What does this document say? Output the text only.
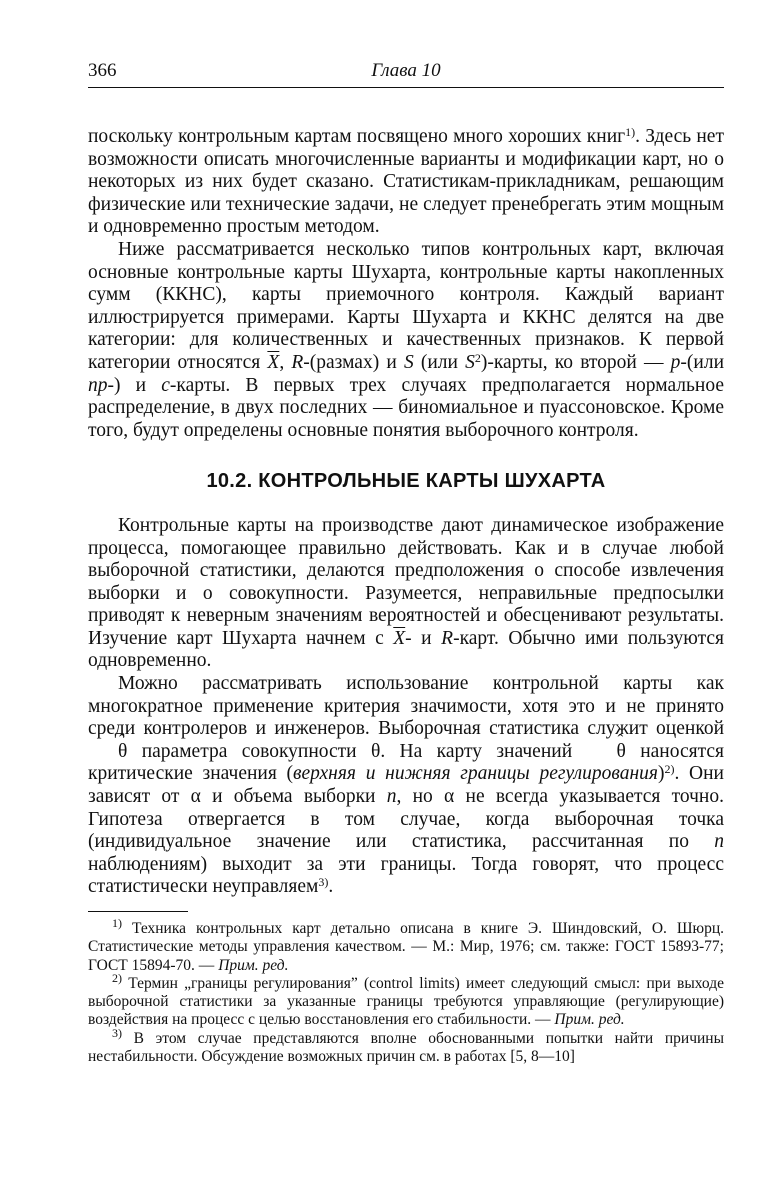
366	Глава 10

поскольку контрольным картам посвящено много хороших книг$^{1)}$. Здесь нет возможности описать многочисленные варианты и модификации карт, но о некоторых из них будет сказано. Статистикам-прикладникам, решающим физические или технические задачи, не следует пренебрегать этим мощным и одновременно простым методом.

Ниже рассматривается несколько типов контрольных карт, включая основные контрольные карты Шухарта, контрольные карты накопленных сумм (ККНС), карты приемочного контроля. Каждый вариант иллюстрируется примерами. Карты Шухарта и ККНС делятся на две категории: для количественных и качественных признаков. К первой категории относятся $\overline{X}$, R-(размах) и S (или $S^2$)-карты, ко второй — p-(или np-) и c-карты. В первых трех случаях предполагается нормальное распределение, в двух последних — биномиальное и пуассоновское. Кроме того, будут определены основные понятия выборочного контроля.

10.2. КОНТРОЛЬНЫЕ КАРТЫ ШУХАРТА

Контрольные карты на производстве дают динамическое изображение процесса, помогающее правильно действовать. Как и в случае любой выборочной статистики, делаются предположения о способе извлечения выборки и о совокупности. Разумеется, неправильные предпосылки приводят к неверным значениям вероятностей и обесценивают результаты. Изучение карт Шухарта начнем с $\overline{X}-$ и R-карт. Обычно ими пользуются одновременно.

Можно рассматривать использование контрольной карты как многократное применение критерия значимости, хотя это и не принято среди контролеров и инженеров. Выборочная статистика служит оценкой ˆ θ параметра совокупности θ. На карту значений ˆ θ наносятся критические значения (верхняя и нижняя границы регулирования)$^{2)}$. Они зависят от α и объема выборки n, но α не всегда указывается точно. Гипотеза отвергается в том случае, когда выборочная точка (индивидуальное значение или статистика, рассчитанная по n наблюдениям) выходит за эти границы. Тогда говорят, что процесс статистически неуправляем$^{3)}$.

$^{1)}$ Техника контрольных карт детально описана в книге Э. Шиндовский, О. Шюрц. Статистические методы управления качеством. — М.: Мир, 1976; см. также: ГОСТ 15893-77; ГОСТ 15894-70. — Прим. ред.

$^{2)}$ Термин „границы регулирования” (control limits) имеет следующий смысл: при выходе выборочной статистики за указанные границы требуются управляющие (регулирующие) воздействия на процесс с целью восстановления его стабильности. — Прим. ред.

$^{3)}$ В этом случае представляются вполне обоснованными попытки найти причины нестабильности. Обсуждение возможных причин см. в работах [5, 8—10]
